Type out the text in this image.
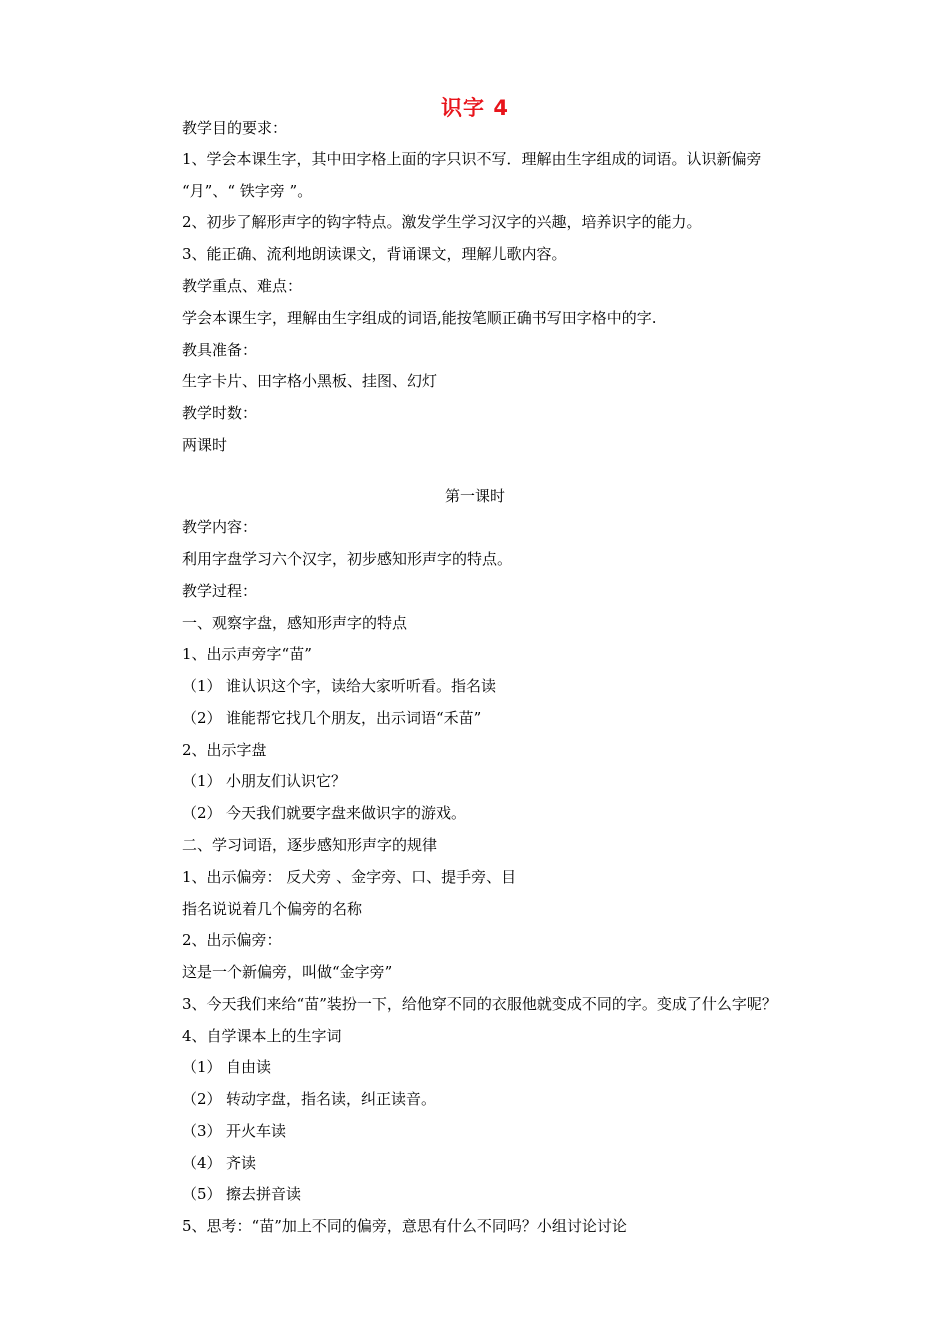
识字 4
教学目的要求：
1、学会本课生字，其中田字格上面的字只识不写．理解由生字组成的词语。认识新偏旁
“月”、“ 铁字旁 ”。
2、初步了解形声字的钩字特点。激发学生学习汉字的兴趣，培养识字的能力。
3、能正确、流利地朗读课文，背诵课文，理解儿歌内容。
教学重点、难点：
学会本课生字，理解由生字组成的词语,能按笔顺正确书写田字格中的字.
教具准备：
生字卡片、田字格小黑板、挂图、幻灯
教学时数：
两课时
第一课时
教学内容：
利用字盘学习六个汉字，初步感知形声字的特点。
教学过程：
一、观察字盘，感知形声字的特点
1、出示声旁字“苗”
（1） 谁认识这个字，读给大家听听看。指名读
（2） 谁能帮它找几个朋友，出示词语“禾苗”
2、出示字盘
（1） 小朋友们认识它？
（2） 今天我们就要字盘来做识字的游戏。
二、学习词语，逐步感知形声字的规律
1、出示偏旁： 反犬旁 、金字旁、口、提手旁、目
指名说说着几个偏旁的名称
2、出示偏旁：
这是一个新偏旁，叫做“金字旁”
3、今天我们来给“苗”装扮一下，给他穿不同的衣服他就变成不同的字。变成了什么字呢？
4、自学课本上的生字词
（1） 自由读
（2） 转动字盘，指名读，纠正读音。
（3） 开火车读
（4） 齐读
（5） 擦去拼音读
5、思考：“苗”加上不同的偏旁，意思有什么不同吗？小组讨论讨论
